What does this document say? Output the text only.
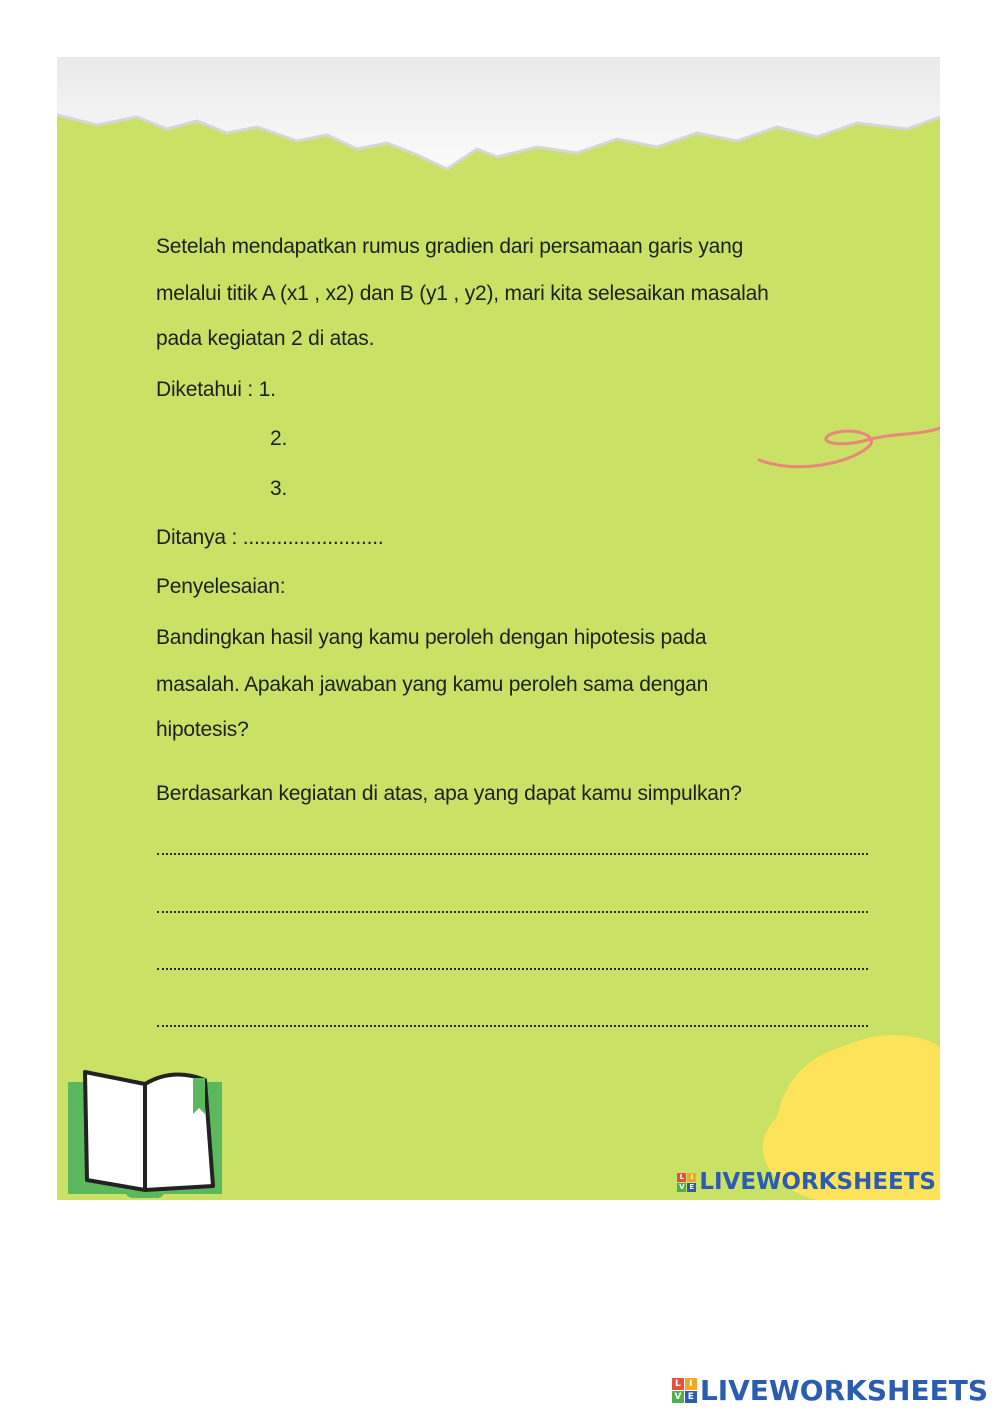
Setelah mendapatkan rumus gradien dari persamaan garis yang
melalui titik A (x1 , x2) dan B (y1 , y2), mari kita selesaikan masalah
pada kegiatan 2 di atas.
Diketahui : 1.
2.
3.
Ditanya : .........................
Penyelesaian:
Bandingkan hasil yang kamu peroleh dengan hipotesis pada
masalah. Apakah jawaban yang kamu peroleh sama dengan
hipotesis?
Berdasarkan kegiatan di atas, apa yang dapat kamu simpulkan?
L I
V E LIVE WORKSHEETS
L I
V E LIVE WORKSHEETS
